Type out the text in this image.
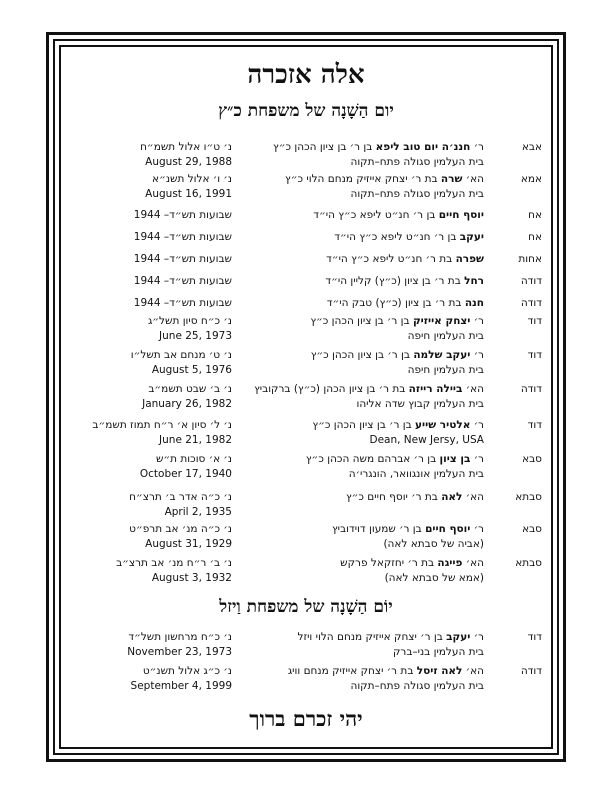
אלה אזכרה
יום הַשָׁנָה של משפחת כ״ץ
אבא
ר׳ חננ׳ה יום טוב ליפא בן ר׳ בן ציון הכהן כ״ץ
בית העלמין סגולה פתח–תקוה
נ׳ ט״ו אלול תשמ״ח
August 29, 1988
אמא
הא׳ שרה בת ר׳ יצחק אייזיק מנחם הלוי כ״ץ
בית העלמין סגולה פתח–תקוה
נ׳ ו׳ אלול תשנ״א
August 16, 1991
אח
יוסף חיים בן ר׳ חנ״ט ליפא כ״ץ הי״ד
שבועות תש״ד– 1944
אח
יעקב בן ר׳ חנ״ט ליפא כ״ץ הי״ד
שבועות תש״ד– 1944
אחות
שפרה בת ר׳ חנ״ט ליפא כ״ץ הי״ד
שבועות תש״ד– 1944
דודה
רחל בת ר׳ בן ציון (כ״ץ) קליין הי״ד
שבועות תש״ד– 1944
דודה
חנה בת ר׳ בן ציון (כ״ץ) טבק הי״ד
שבועות תש״ד– 1944
דוד
ר׳ יצחק אייזיק בן ר׳ בן ציון הכהן כ״ץ
בית העלמין חיפה
נ׳ כ״ח סיון תשל״ג
June 25, 1973
דוד
ר׳ יעקב שלמה בן ר׳ בן ציון הכהן כ״ץ
בית העלמין חיפה
נ׳ ט׳ מנחם אב תשל״ו
August 5, 1976
דודה
הא׳ ביילה רייזה בת ר׳ בן ציון הכהן (כ״ץ) ברקוביץ
בית העלמין קבוץ שדה אליהו
נ׳ ב׳ שבט תשמ״ב
January 26, 1982
דוד
ר׳ אלטיר שייע בן ר׳ בן ציון הכהן כ״ץ
Dean, New Jersy, USA
נ׳ ל׳ סיון א׳ ר״ח תמוז תשמ״ב
June 21, 1982
סבא
ר׳ בן ציון בן ר׳ אברהם משה הכהן כ״ץ
בית העלמין אונגוואר, הונגרי׳ה
נ׳ א׳ סוכות ת״ש
October 17, 1940
סבתא
הא׳ לאה בת ר׳ יוסף חיים כ״ץ
נ׳ כ״ה אדר ב׳ תרצ״ח
April 2, 1935
סבא
ר׳ יוסף חיים בן ר׳ שמעון דוידוביץ
(אביה של סבתא לאה)
נ׳ כ״ה מנ׳ אב תרפ״ט
August 31, 1929
סבתא
הא׳ פייגה בת ר׳ יחזקאל פרקש
(אמא של סבתא לאה)
נ׳ ב׳ ר״ח מנ׳ אב תרצ״ב
August 3, 1932
יוֹם הַשָׁנָה של משפחת וַיזל
דוד
ר׳ יעקב בן ר׳ יצחק אייזיק מנחם הלוי ויזל
בית העלמין בני–ברק
נ׳ כ״ח מרחשון תשל״ד
November 23, 1973
דודה
הא׳ לאה זיסל בת ר׳ יצחק אייזיק מנחם וויג
בית העלמין סגולה פתח–תקוה
נ׳ כ״ג אלול תשנ״ט
September 4, 1999
יהי זכרם ברוך
